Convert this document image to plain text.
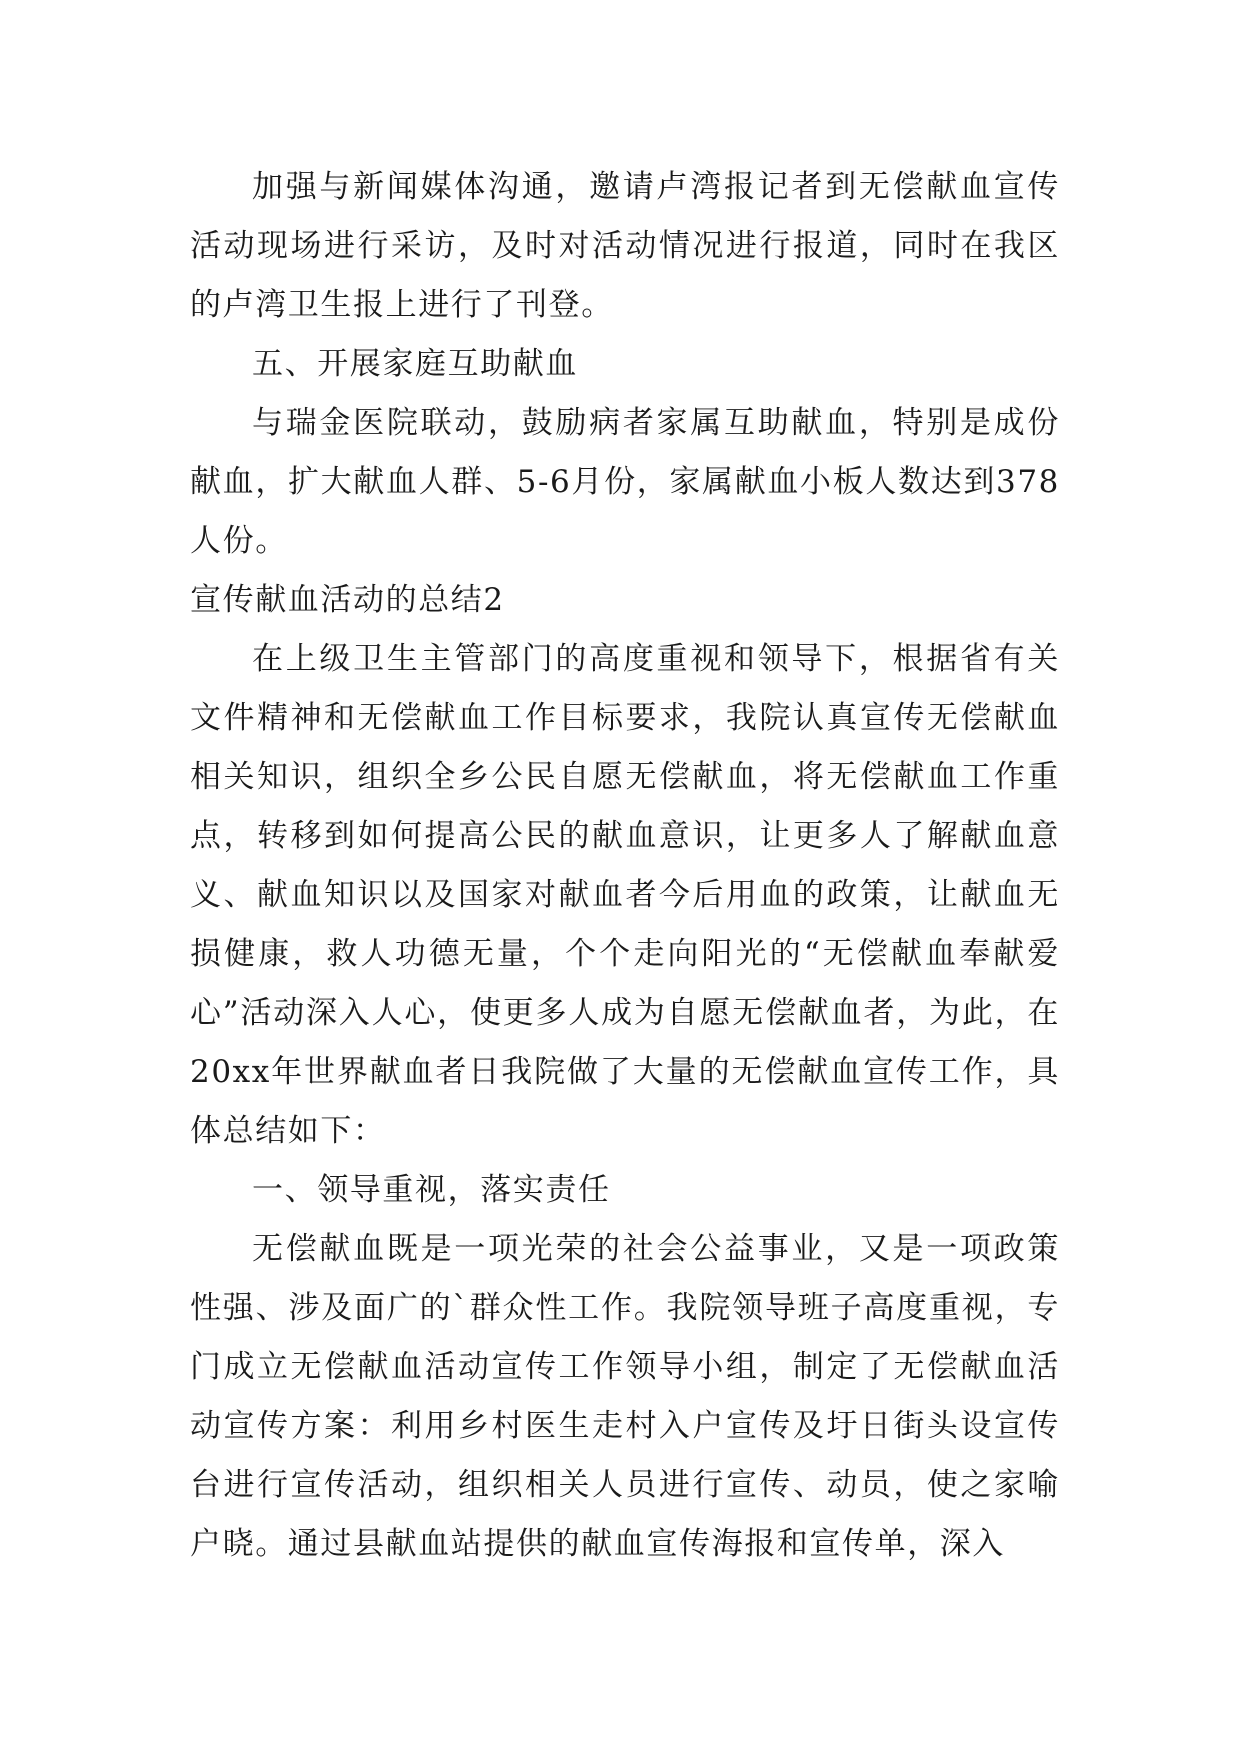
加强与新闻媒体沟通，邀请卢湾报记者到无偿献血宣传活动现场进行采访，及时对活动情况进行报道，同时在我区的卢湾卫生报上进行了刊登。

五、开展家庭互助献血

与瑞金医院联动，鼓励病者家属互助献血，特别是成份献血，扩大献血人群、5-6月份，家属献血小板人数达到378人份。

宣传献血活动的总结2

在上级卫生主管部门的高度重视和领导下，根据省有关文件精神和无偿献血工作目标要求，我院认真宣传无偿献血相关知识，组织全乡公民自愿无偿献血，将无偿献血工作重点，转移到如何提高公民的献血意识，让更多人了解献血意义、献血知识以及国家对献血者今后用血的政策，让献血无损健康，救人功德无量，个个走向阳光的“无偿献血奉献爱心”活动深入人心，使更多人成为自愿无偿献血者，为此，在20xx年世界献血者日我院做了大量的无偿献血宣传工作，具体总结如下：

一、领导重视，落实责任

无偿献血既是一项光荣的社会公益事业，又是一项政策性强、涉及面广的`群众性工作。我院领导班子高度重视，专门成立无偿献血活动宣传工作领导小组，制定了无偿献血活动宣传方案：利用乡村医生走村入户宣传及圩日街头设宣传台进行宣传活动，组织相关人员进行宣传、动员，使之家喻户晓。通过县献血站提供的献血宣传海报和宣传单，深入
